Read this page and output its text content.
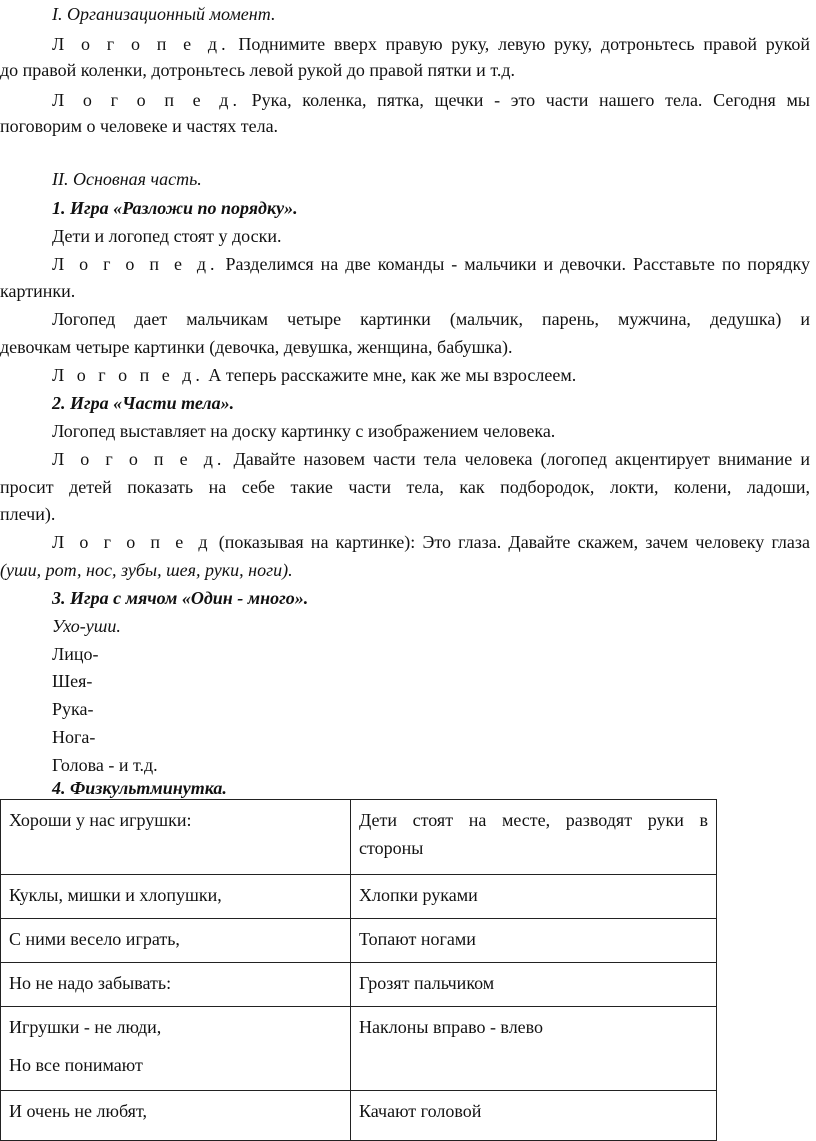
I. Организационный момент.
Л о г о п е д. Поднимите вверх правую руку, левую руку, дотроньтесь правой рукой
до правой коленки, дотроньтесь левой рукой до правой пятки и т.д.
Л о г о п е д. Рука, коленка, пятка, щечки - это части нашего тела. Сегодня мы
поговорим о человеке и частях тела.
II. Основная часть.
1. Игра «Разложи по порядку».
Дети и логопед стоят у доски.
Л о г о п е д. Разделимся на две команды - мальчики и девочки. Расставьте по порядку
картинки.
Логопед дает мальчикам четыре картинки (мальчик, парень, мужчина, дедушка) и
девочкам четыре картинки (девочка, девушка, женщина, бабушка).
Л о г о п е д. А теперь расскажите мне, как же мы взрослеем.
2. Игра «Части тела».
Логопед выставляет на доску картинку с изображением человека.
Л о г о п е д. Давайте назовем части тела человека (логопед акцентирует внимание и
просит детей показать на себе такие части тела, как подбородок, локти, колени, ладоши,
плечи).
Л о г о п е д (показывая на картинке): Это глаза. Давайте скажем, зачем человеку глаза
(уши, рот, нос, зубы, шея, руки, ноги).
3. Игра с мячом «Один - много».
Ухо-уши.
Лицо-
Шея-
Рука-
Нога-
Голова - и т.д.
4. Физкультминутка.
Хороши у нас игрушки:	Дети стоят на месте, разводят руки в
стороны
Куклы, мишки и хлопушки,	Хлопки руками
С ними весело играть,	Топают ногами
Но не надо забывать:	Грозят пальчиком

Игрушки - не люди,
Но все понимают	Наклоны вправо - влево
И очень не любят,	Качают головой
